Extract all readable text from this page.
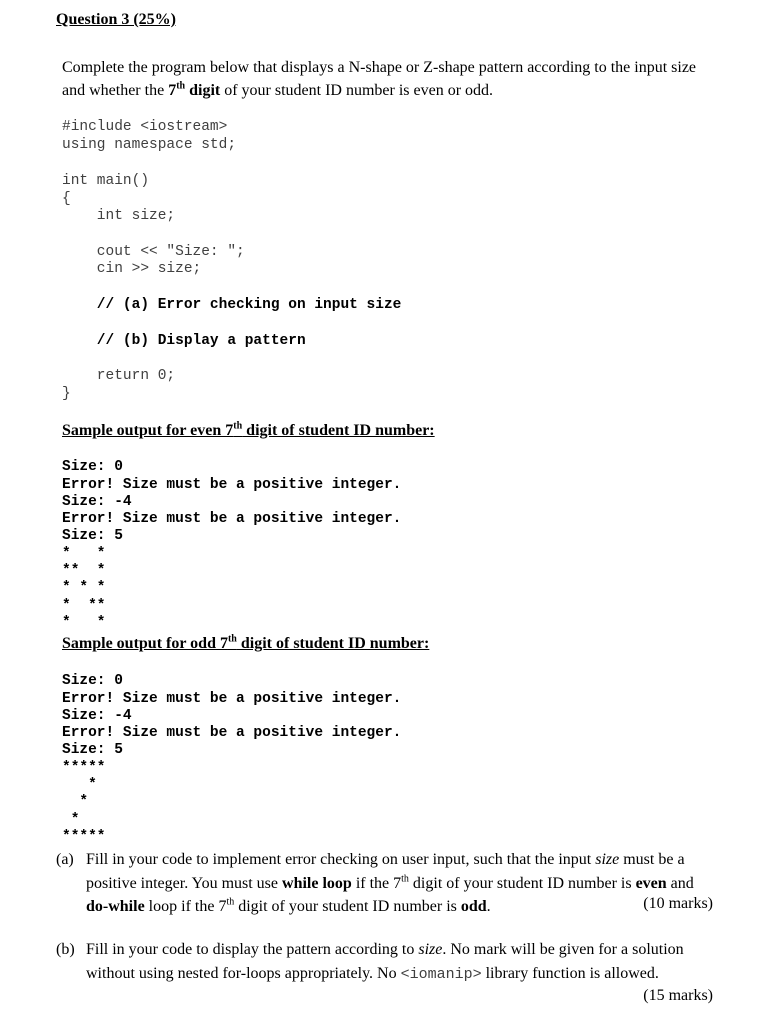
Question 3 (25%)
Complete the program below that displays a N-shape or Z-shape pattern according to the input size and whether the 7th digit of your student ID number is even or odd.
#include <iostream>
using namespace std;
int main()
{
int size;
cout << "Size: ";
cin >> size;
// (a) Error checking on input size
// (b) Display a pattern
return 0;
}
Sample output for even 7th digit of student ID number:

Size: 0
Error! Size must be a positive integer.
Size: -4
Error! Size must be a positive integer.
Size: 5
*   *
**  *
* * *
*  **
*   *

Sample output for odd 7th digit of student ID number:

Size: 0
Error! Size must be a positive integer.
Size: -4
Error! Size must be a positive integer.
Size: 5
*****
*
*
*
*****

(a) Fill in your code to implement error checking on user input, such that the input size must be a positive integer. You must use while loop if the 7th digit of your student ID number is even and do-while loop if the 7th digit of your student ID number is odd.	(10 marks)
(b) Fill in your code to display the pattern according to size. No mark will be given for a solution without using nested for-loops appropriately. No <iomanip> library function is allowed.
(15 marks)
